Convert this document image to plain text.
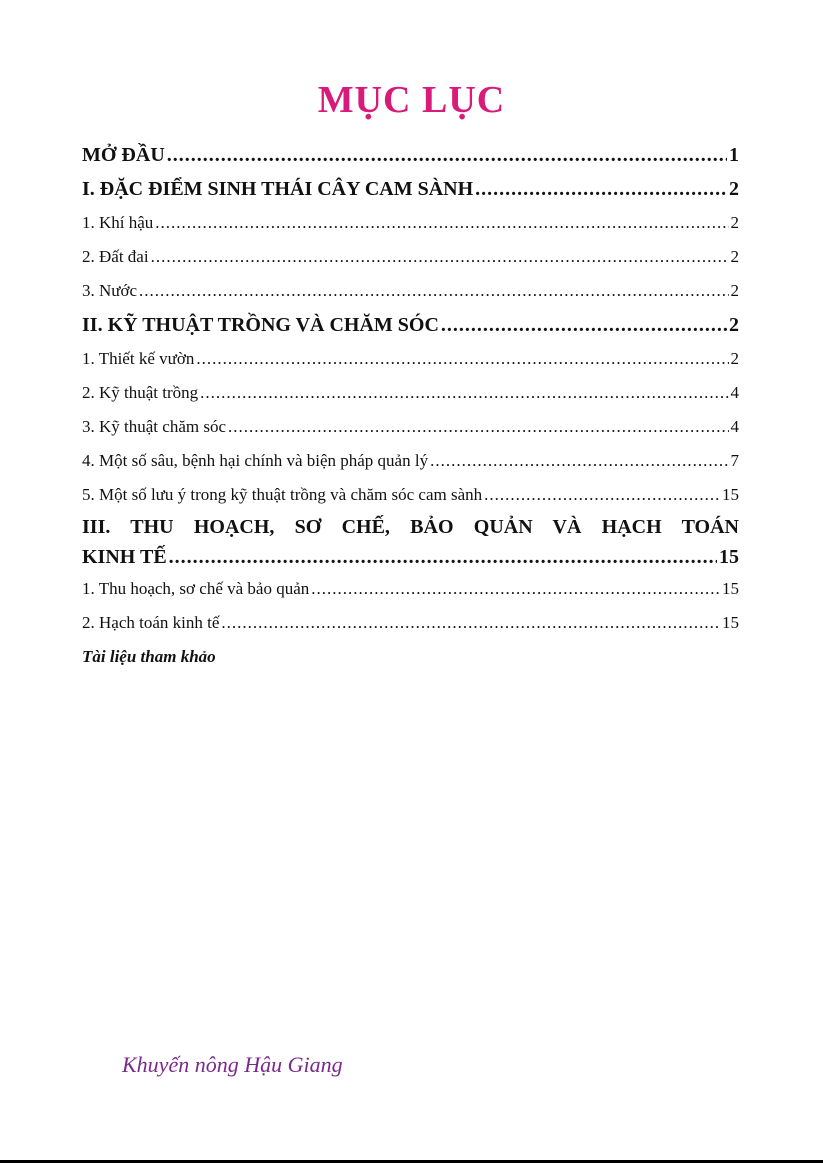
MỤC LỤC
MỞ ĐẦU .....	1
I. ĐẶC ĐIỂM SINH THÁI CÂY CAM SÀNH .....	2
1. Khí hậu .....	2
2. Đất đai .....	2
3. Nước .....	2
II. KỸ THUẬT TRỒNG VÀ CHĂM SÓC .....	2
1. Thiết kế vườn .....	2
2. Kỹ thuật trồng .....	4
3. Kỹ thuật chăm sóc .....	4
4. Một số sâu, bệnh hại chính và biện pháp quản lý .....	7
5. Một số lưu ý trong kỹ thuật trồng và chăm sóc cam sành .....	15
III. THU HOẠCH, SƠ CHẾ, BẢO QUẢN VÀ HẠCH TOÁN
KINH TẾ .....	15
1. Thu hoạch, sơ chế và bảo quản .....	15
2. Hạch toán kinh tế .....	15
Tài liệu tham khảo

Khuyến nông Hậu Giang
